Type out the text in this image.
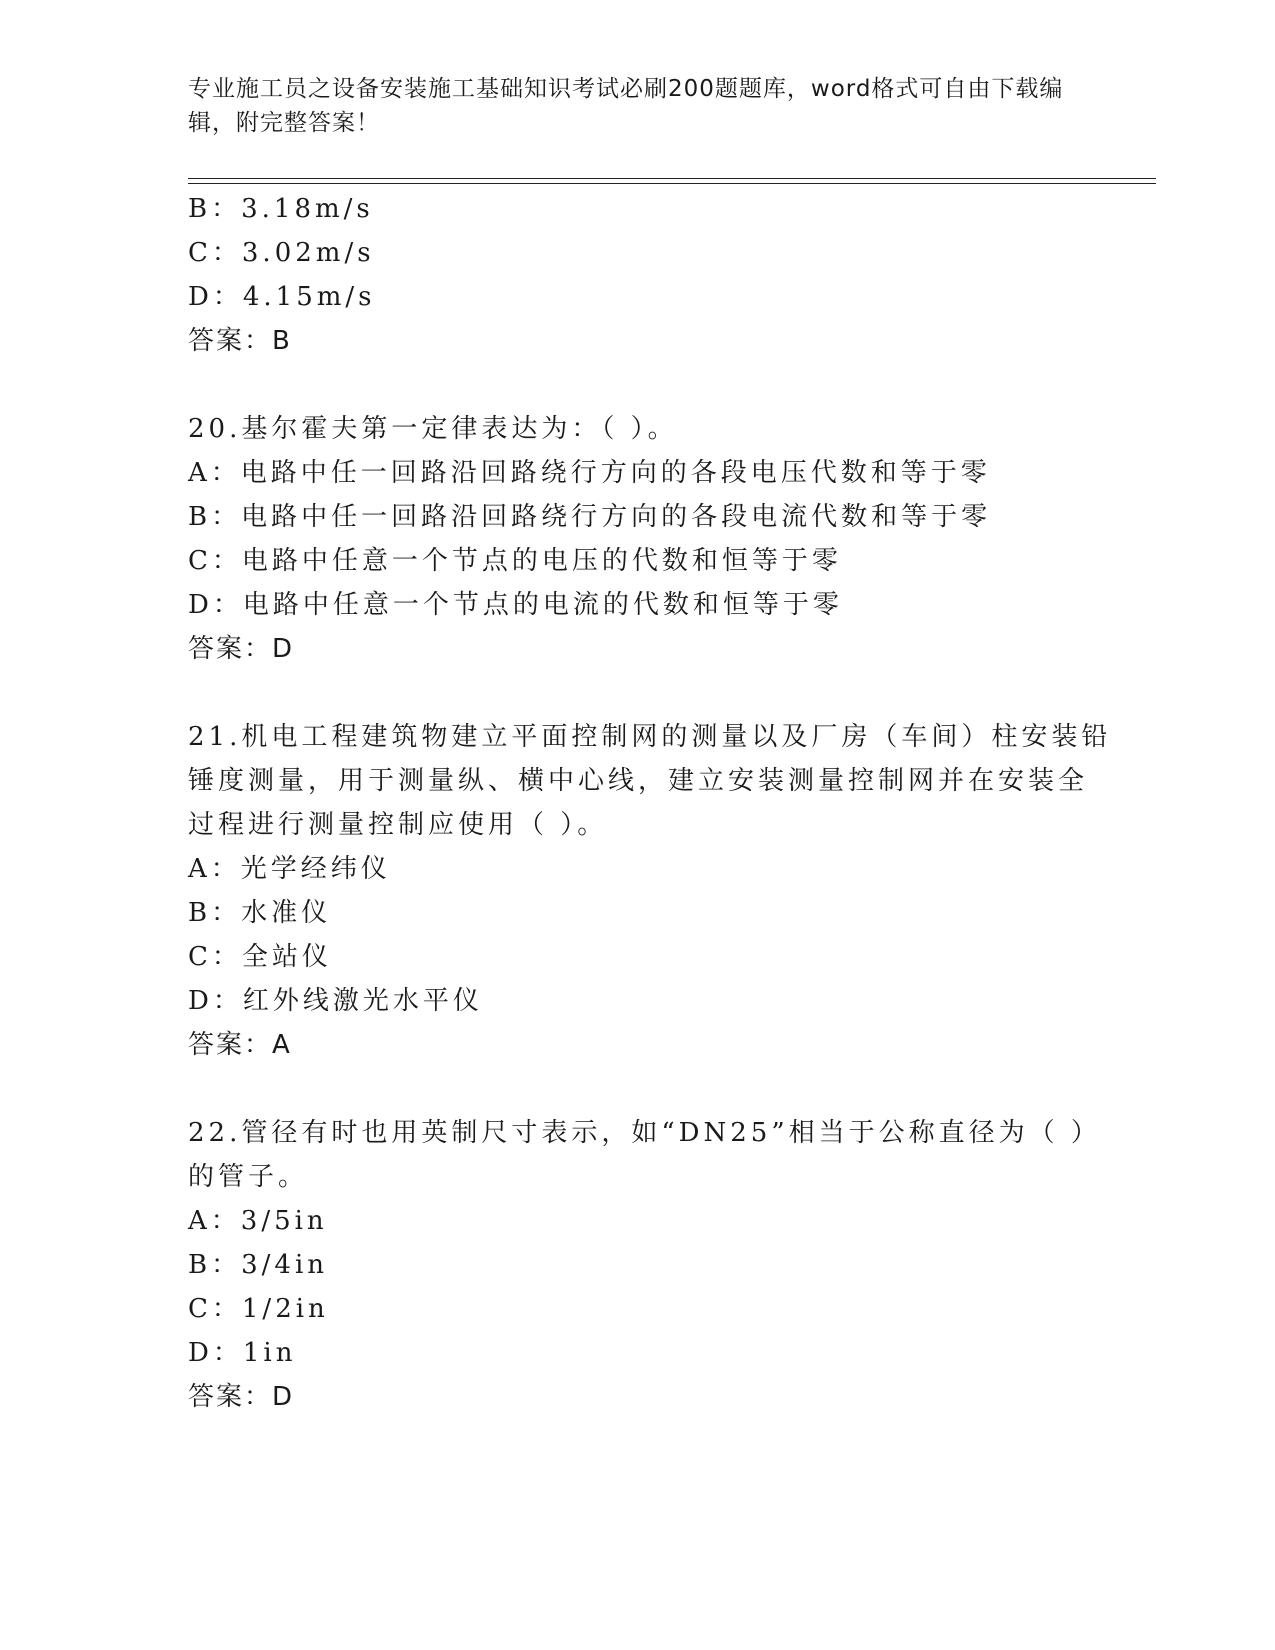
专业施工员之设备安装施工基础知识考试必刷200题题库，word格式可自由下载编辑，附完整答案！
B：3.18m/s
C：3.02m/s
D：4.15m/s
答案：B
20.基尔霍夫第一定律表达为：（ ）。
A：电路中任一回路沿回路绕行方向的各段电压代数和等于零
B：电路中任一回路沿回路绕行方向的各段电流代数和等于零
C：电路中任意一个节点的电压的代数和恒等于零
D：电路中任意一个节点的电流的代数和恒等于零
答案：D
21.机电工程建筑物建立平面控制网的测量以及厂房（车间）柱安装铅
锤度测量，用于测量纵、横中心线，建立安装测量控制网并在安装全
过程进行测量控制应使用（ ）。
A：光学经纬仪
B：水准仪
C：全站仪
D：红外线激光水平仪
答案：A
22.管径有时也用英制尺寸表示，如“DN25”相当于公称直径为（ ）
的管子。
A：3/5in
B：3/4in
C：1/2in
D：1in
答案：D
